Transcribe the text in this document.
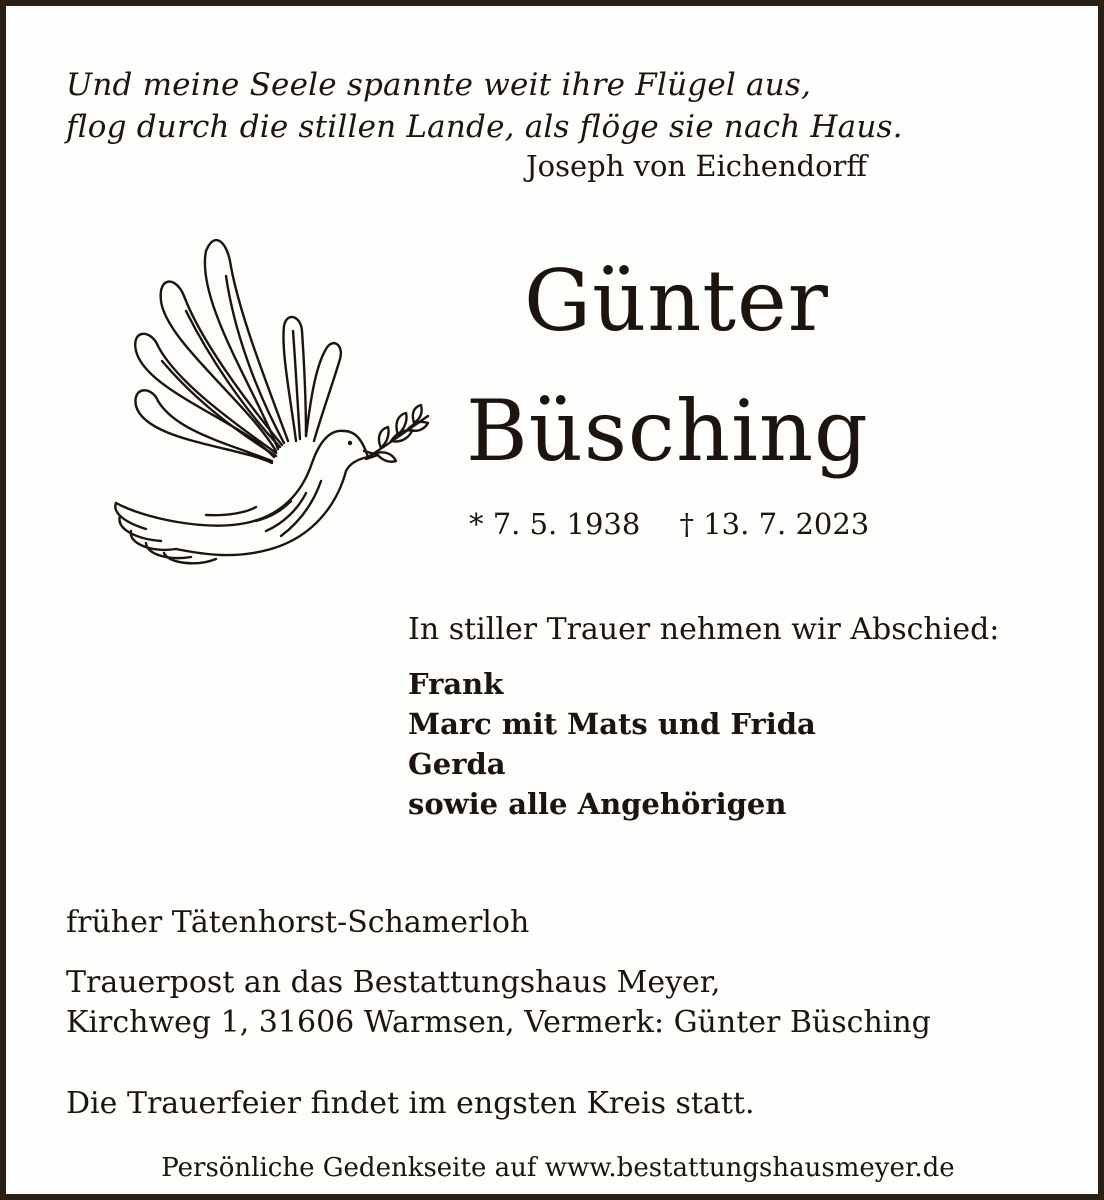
Und meine Seele spannte weit ihre Flügel aus,
flog durch die stillen Lande, als flöge sie nach Haus.
Joseph von Eichendorff
Günter
Büsching
* 7. 5. 1938 † 13. 7. 2023
In stiller Trauer nehmen wir Abschied:
Frank
Marc mit Mats und Frida
Gerda
sowie alle Angehörigen
früher Tätenhorst-Schamerloh
Trauerpost an das Bestattungshaus Meyer,
Kirchweg 1, 31606 Warmsen, Vermerk: Günter Büsching
Die Trauerfeier findet im engsten Kreis statt.
Persönliche Gedenkseite auf www.bestattungshausmeyer.de
